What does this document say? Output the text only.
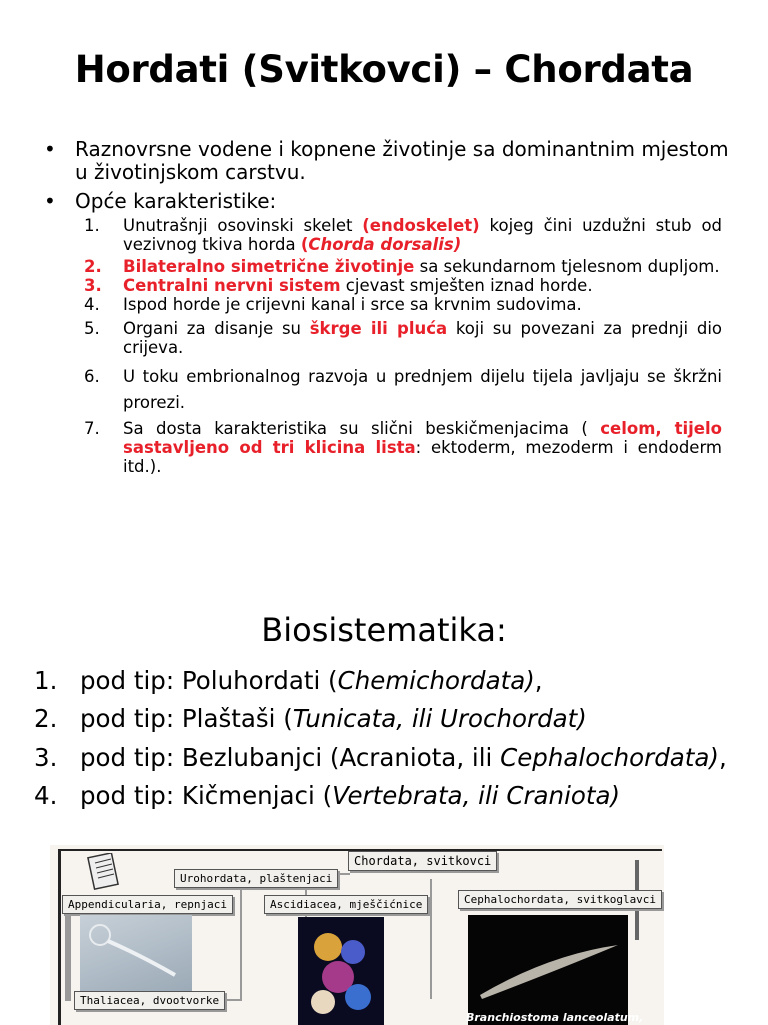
Hordati (Svitkovci) – Chordata
• Raznovrsne vodene i kopnene životinje sa dominantnim mjestom u životinjskom carstvu.
• Opće karakteristike:
1. Unutrašnji osovinski skelet (endoskelet) kojeg čini uzdužni stub od vezivnog tkiva horda (Chorda dorsalis)
2. Bilateralno simetrične životinje sa sekundarnom tjelesnom dupljom.
3. Centralni nervni sistem cjevast smješten iznad horde.
4. Ispod horde je crijevni kanal i srce sa krvnim sudovima.
5. Organi za disanje su škrge ili pluća koji su povezani za prednji dio crijeva.
6. U toku embrionalnog razvoja u prednjem dijelu tijela javljaju se škržni prorezi.
7. Sa dosta karakteristika su slični beskičmenjacima ( celom, tijelo sastavljeno od tri klicina lista: ektoderm, mezoderm i endoderm itd.).
Biosistematika:
1. pod tip: Poluhordati (Chemichordata),
2. pod tip: Plaštaši (Tunicata, ili Urochordat)
3. pod tip: Bezlubanjci (Acraniota, ili Cephalochordata),
4. pod tip: Kičmenjaci (Vertebrata, ili Craniota)
Chordata, svitkovci
Urohordata, plaštenjaci
Appendicularia, repnjaci	Ascidiacea, mješčićnice	Cephalochordata, svitkoglavci
Branchiostoma lanceolatum,
Thaliacea, dvootvorke
